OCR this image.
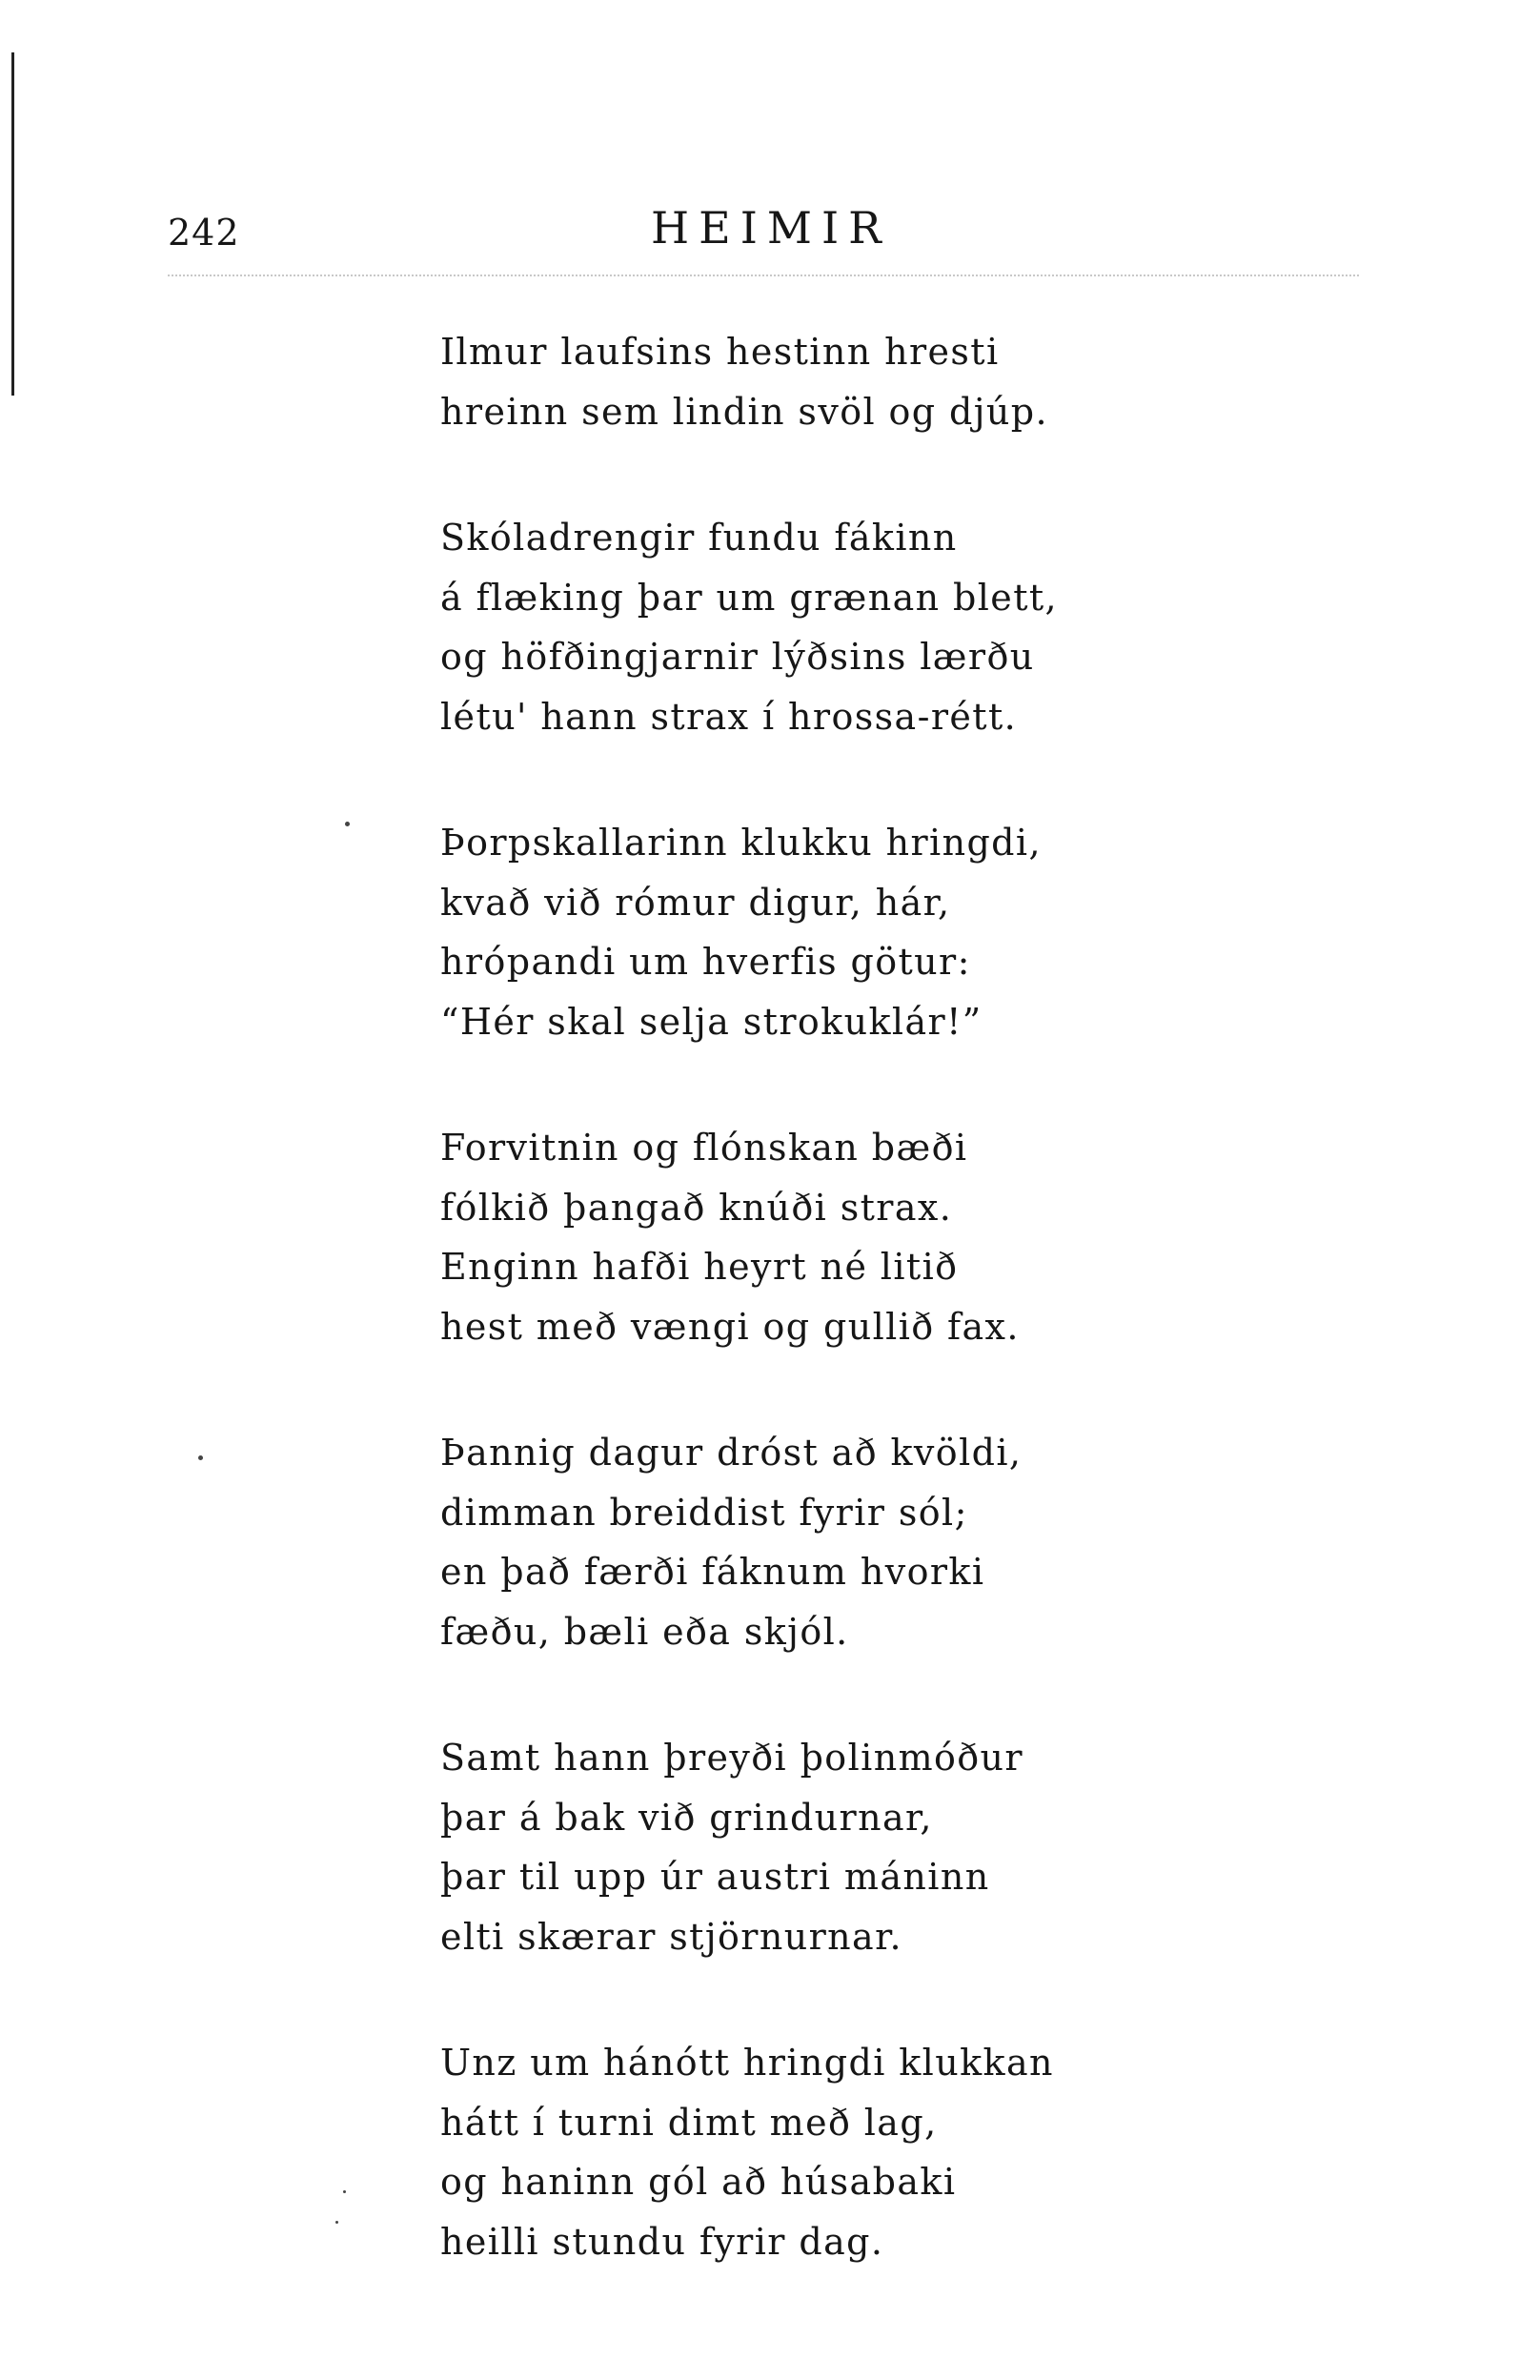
242	HEIMIR
Ilmur laufsins hestinn hresti
hreinn sem lindin svöl og djúp.
Skóladrengir fundu fákinn
á flæking þar um grænan blett,
og höfðingjarnir lýðsins lærðu
létu' hann strax í hrossa-rétt.
Þorpskallarinn klukku hringdi,
kvað við rómur digur, hár,
hrópandi um hverfis götur:
“Hér skal selja strokuklár!”
Forvitnin og flónskan bæði
fólkið þangað knúði strax.
Enginn hafði heyrt né litið
hest með vængi og gullið fax.
Þannig dagur dróst að kvöldi,
dimman breiddist fyrir sól;
en það færði fáknum hvorki
fæðu, bæli eða skjól.
Samt hann þreyði þolinmóður
þar á bak við grindurnar,
þar til upp úr austri máninn
elti skærar stjörnurnar.
Unz um hánótt hringdi klukkan
hátt í turni dimt með lag,
og haninn gól að húsabaki
heilli stundu fyrir dag.
